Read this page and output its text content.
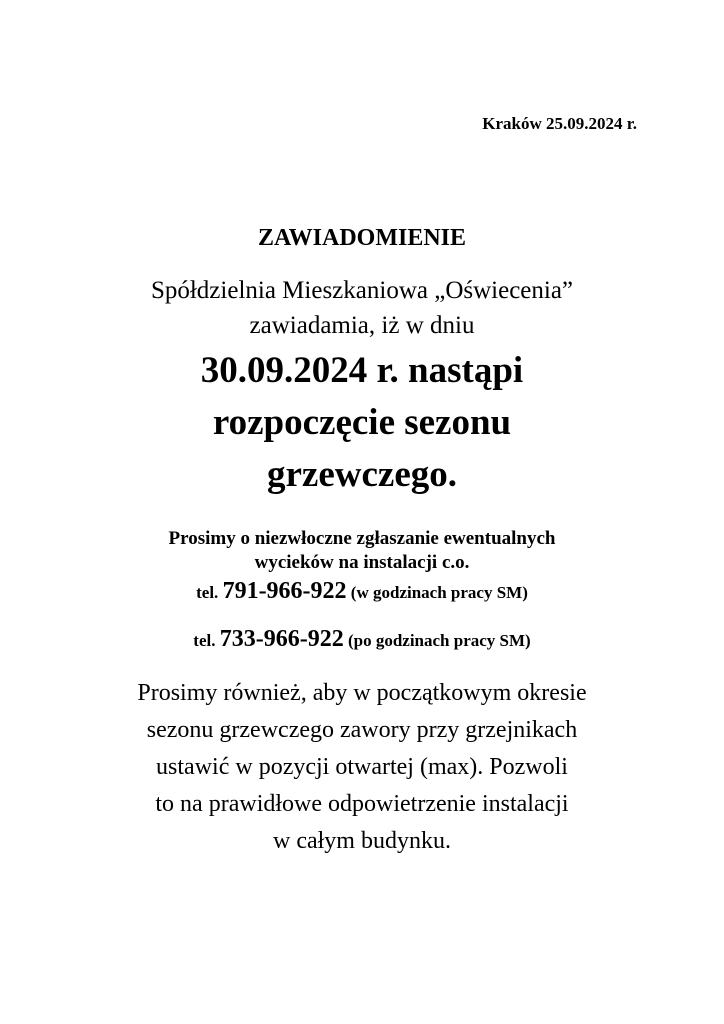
Kraków 25.09.2024 r.
ZAWIADOMIENIE
Spółdzielnia Mieszkaniowa „Oświecenia”
zawiadamia, iż w dniu
30.09.2024 r. nastąpi
rozpoczęcie sezonu
grzewczego.
Prosimy o niezwłoczne zgłaszanie ewentualnych
wycieków na instalacji c.o.
tel. 791-966-922 (w godzinach pracy SM)
tel. 733-966-922 (po godzinach pracy SM)
Prosimy również, aby w początkowym okresie
sezonu grzewczego zawory przy grzejnikach
ustawić w pozycji otwartej (max). Pozwoli
to na prawidłowe odpowietrzenie instalacji
w całym budynku.
